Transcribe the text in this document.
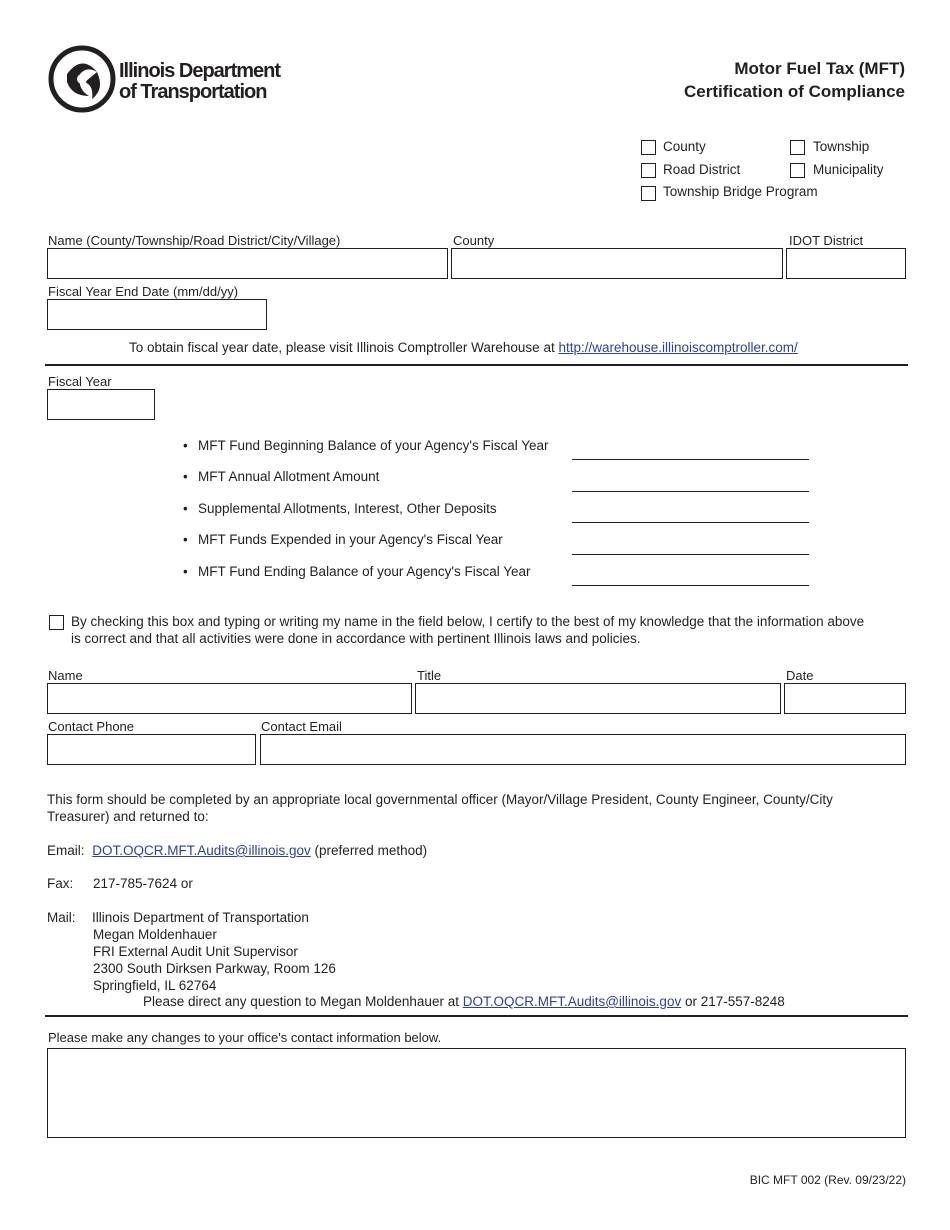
Illinois Department
of Transportation
Motor Fuel Tax (MFT)
Certification of Compliance
County	Township
Road District	Municipality
Township Bridge Program
Name (County/Township/Road District/City/Village)	County	IDOT District
Fiscal Year End Date (mm/dd/yy)
To obtain fiscal year date, please visit Illinois Comptroller Warehouse at http://warehouse.illinoiscomptroller.com/
Fiscal Year
• MFT Fund Beginning Balance of your Agency's Fiscal Year
• MFT Annual Allotment Amount
• Supplemental Allotments, Interest, Other Deposits
• MFT Funds Expended in your Agency's Fiscal Year
• MFT Fund Ending Balance of your Agency's Fiscal Year
By checking this box and typing or writing my name in the field below, I certify to the best of my knowledge that the information above
is correct and that all activities were done in accordance with pertinent Illinois laws and policies.
Name	Title	Date
Contact Phone	Contact Email
This form should be completed by an appropriate local governmental officer (Mayor/Village President, County Engineer, County/City
Treasurer) and returned to:
Email: DOT.OQCR.MFT.Audits@illinois.gov (preferred method)
Fax: 217-785-7624 or
Mail: Illinois Department of Transportation
Megan Moldenhauer
FRI External Audit Unit Supervisor
2300 South Dirksen Parkway, Room 126
Springfield, IL 62764
Please direct any question to Megan Moldenhauer at DOT.OQCR.MFT.Audits@illinois.gov or 217-557-8248
Please make any changes to your office's contact information below.
BIC MFT 002 (Rev. 09/23/22)
